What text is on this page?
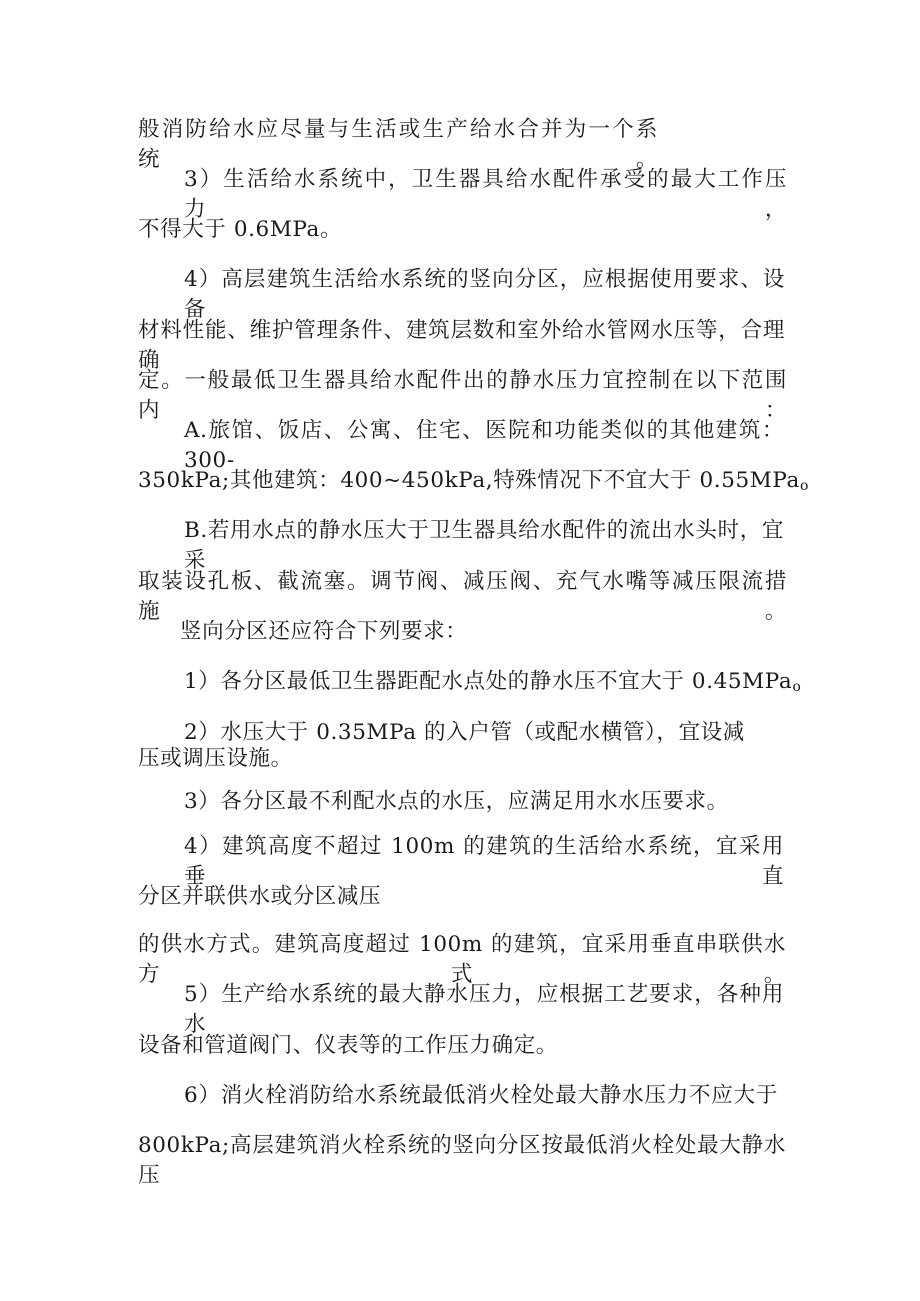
般消防给水应尽量与生活或生产给水合并为一个系统。
3）生活给水系统中，卫生器具给水配件承受的最大工作压力，
不得大于 0.6MPa。
4）高层建筑生活给水系统的竖向分区，应根据使用要求、设备
材料性能、维护管理条件、建筑层数和室外给水管网水压等，合理确
定。一般最低卫生器具给水配件出的静水压力宜控制在以下范围内：
A.旅馆、饭店、公寓、住宅、医院和功能类似的其他建筑：300-
350kPa;其他建筑：400~450kPa,特殊情况下不宜大于 0.55MPa$_o$
B.若用水点的静水压大于卫生器具给水配件的流出水头时，宜采
取装设孔板、截流塞。调节阀、减压阀、充气水嘴等减压限流措施。
竖向分区还应符合下列要求：
1）各分区最低卫生器距配水点处的静水压不宜大于 0.45MPa$_o$
2）水压大于 0.35MPa 的入户管（或配水横管），宜设减
压或调压设施。
3）各分区最不利配水点的水压，应满足用水水压要求。
4）建筑高度不超过 100m 的建筑的生活给水系统，宜采用垂直
分区并联供水或分区减压
的供水方式。建筑高度超过 100m 的建筑，宜采用垂直串联供水方式。
5）生产给水系统的最大静水压力，应根据工艺要求，各种用水
设备和管道阀门、仪表等的工作压力确定。
6）消火栓消防给水系统最低消火栓处最大静水压力不应大于
800kPa;高层建筑消火栓系统的竖向分区按最低消火栓处最大静水压
